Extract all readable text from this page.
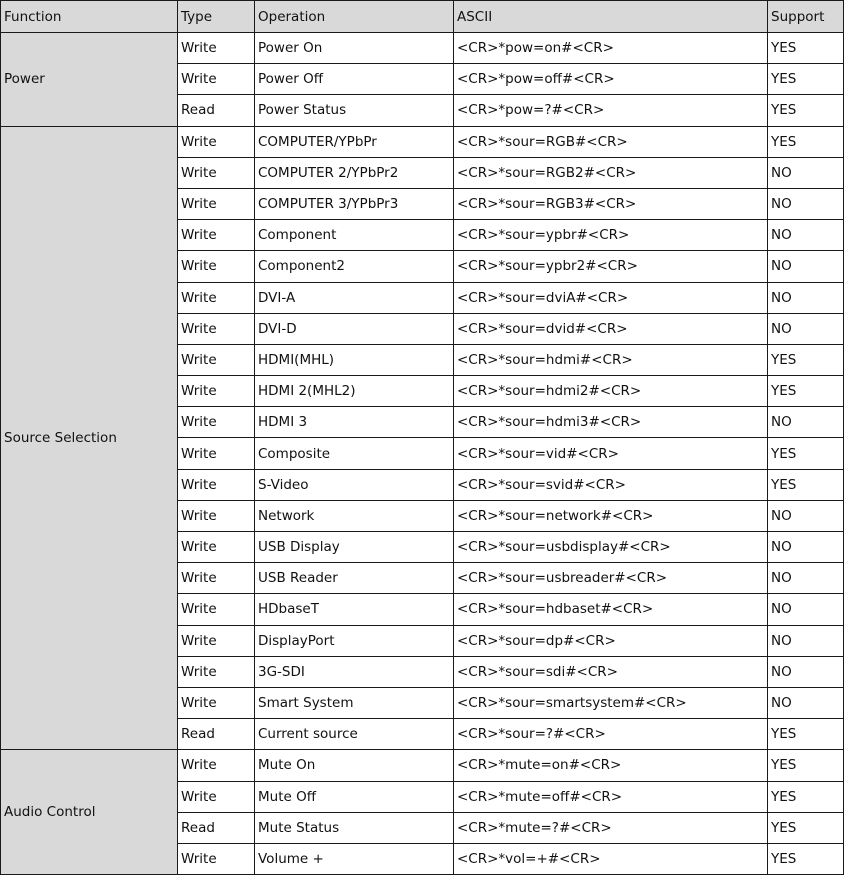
Function	Type	Operation	ASCII	Support
Power	Write	Power On	<CR>*pow=on#<CR>	YES
	Write	Power Off	<CR>*pow=off#<CR>	YES
	Read	Power Status	<CR>*pow=?#<CR>	YES
Source Selection	Write	COMPUTER/YPbPr	<CR>*sour=RGB#<CR>	YES
	Write	COMPUTER 2/YPbPr2	<CR>*sour=RGB2#<CR>	NO
	Write	COMPUTER 3/YPbPr3	<CR>*sour=RGB3#<CR>	NO
	Write	Component	<CR>*sour=ypbr#<CR>	NO
	Write	Component2	<CR>*sour=ypbr2#<CR>	NO
	Write	DVI-A	<CR>*sour=dviA#<CR>	NO
	Write	DVI-D	<CR>*sour=dvid#<CR>	NO
	Write	HDMI(MHL)	<CR>*sour=hdmi#<CR>	YES
	Write	HDMI 2(MHL2)	<CR>*sour=hdmi2#<CR>	YES
	Write	HDMI 3	<CR>*sour=hdmi3#<CR>	NO
	Write	Composite	<CR>*sour=vid#<CR>	YES
	Write	S-Video	<CR>*sour=svid#<CR>	YES
	Write	Network	<CR>*sour=network#<CR>	NO
	Write	USB Display	<CR>*sour=usbdisplay#<CR>	NO
	Write	USB Reader	<CR>*sour=usbreader#<CR>	NO
	Write	HDbaseT	<CR>*sour=hdbaset#<CR>	NO
	Write	DisplayPort	<CR>*sour=dp#<CR>	NO
	Write	3G-SDI	<CR>*sour=sdi#<CR>	NO
	Write	Smart System	<CR>*sour=smartsystem#<CR>	NO
	Read	Current source	<CR>*sour=?#<CR>	YES
Audio Control	Write	Mute On	<CR>*mute=on#<CR>	YES
	Write	Mute Off	<CR>*mute=off#<CR>	YES
	Read	Mute Status	<CR>*mute=?#<CR>	YES
	Write	Volume +	<CR>*vol=+#<CR>	YES
